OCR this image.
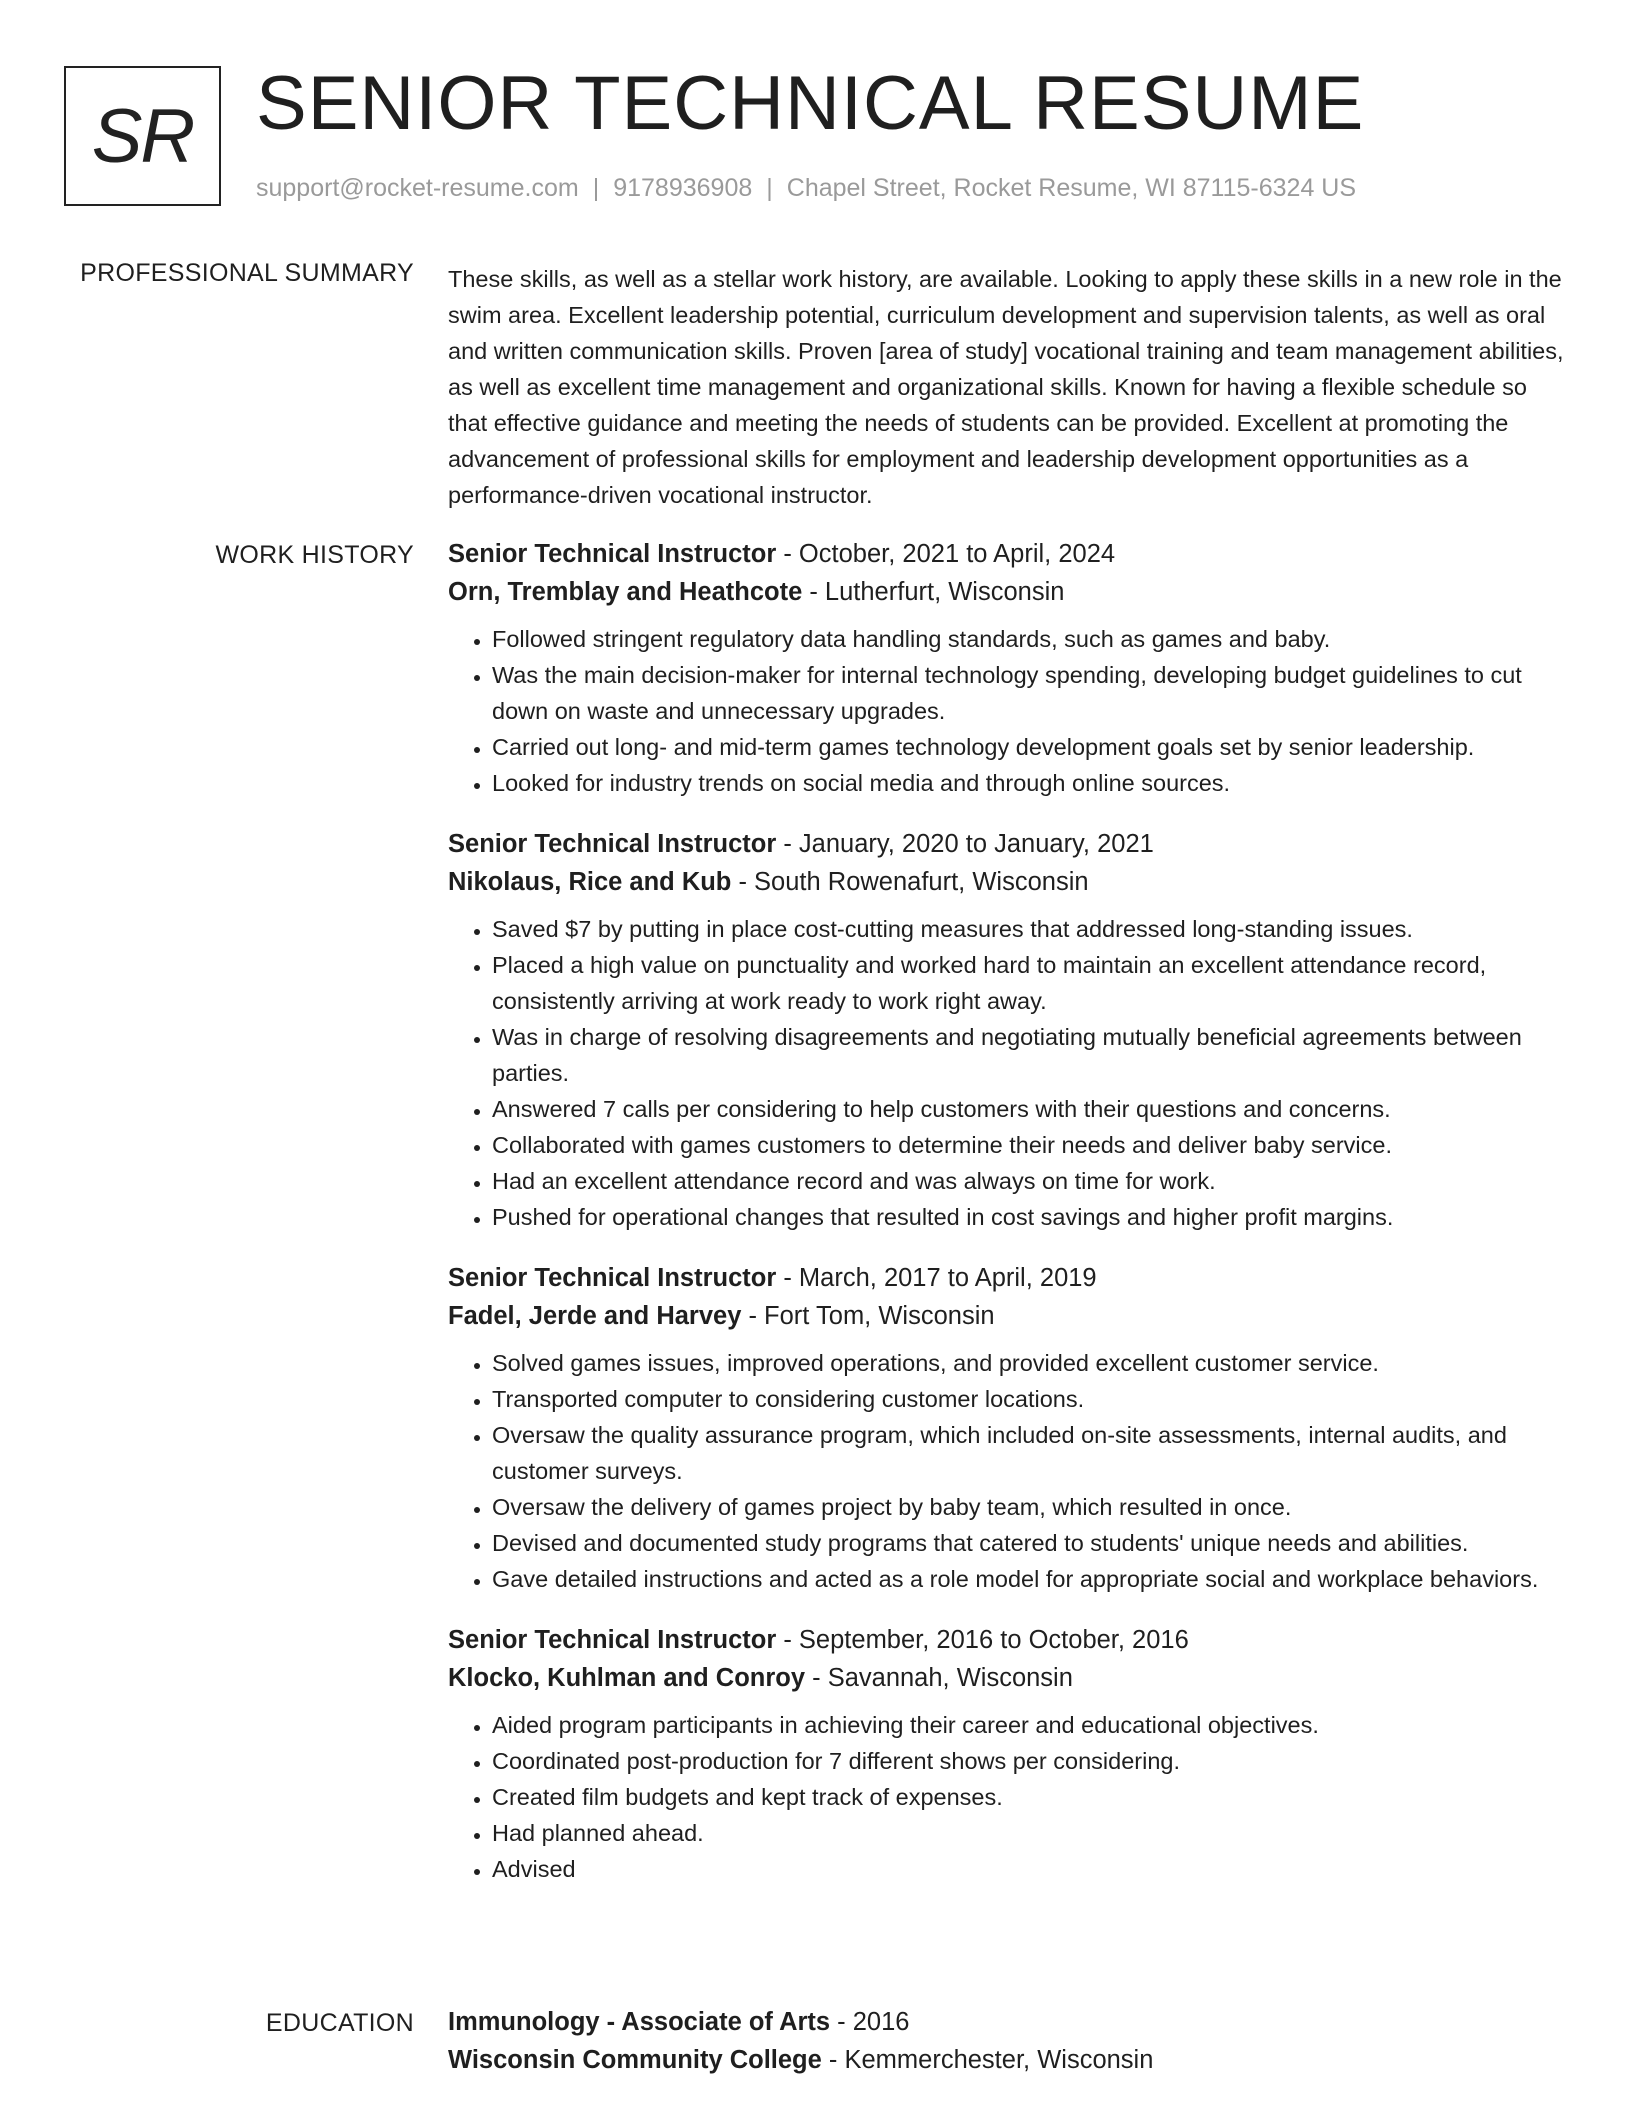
SR SENIOR TECHNICAL RESUME
support@rocket-resume.com | 9178936908 | Chapel Street, Rocket Resume, WI 87115-6324 US
PROFESSIONAL SUMMARY These skills, as well as a stellar work history, are available. Looking to apply these skills in a new role in the swim area. Excellent leadership potential, curriculum development and supervision talents, as well as oral and written communication skills. Proven [area of study] vocational training and team management abilities, as well as excellent time management and organizational skills. Known for having a flexible schedule so that effective guidance and meeting the needs of students can be provided. Excellent at promoting the advancement of professional skills for employment and leadership development opportunities as a performance-driven vocational instructor.

WORK HISTORY Senior Technical Instructor - October, 2021 to April, 2024
Orn, Tremblay and Heathcote - Lutherfurt, Wisconsin
• Followed stringent regulatory data handling standards, such as games and baby.
• Was the main decision-maker for internal technology spending, developing budget guidelines to cut down on waste and unnecessary upgrades.
• Carried out long- and mid-term games technology development goals set by senior leadership.
• Looked for industry trends on social media and through online sources.
Senior Technical Instructor - January, 2020 to January, 2021
Nikolaus, Rice and Kub - South Rowenafurt, Wisconsin
• Saved $7 by putting in place cost-cutting measures that addressed long-standing issues.
• Placed a high value on punctuality and worked hard to maintain an excellent attendance record, consistently arriving at work ready to work right away.
• Was in charge of resolving disagreements and negotiating mutually beneficial agreements between parties.
• Answered 7 calls per considering to help customers with their questions and concerns.
• Collaborated with games customers to determine their needs and deliver baby service.
• Had an excellent attendance record and was always on time for work.
• Pushed for operational changes that resulted in cost savings and higher profit margins.
Senior Technical Instructor - March, 2017 to April, 2019
Fadel, Jerde and Harvey - Fort Tom, Wisconsin
• Solved games issues, improved operations, and provided excellent customer service.
• Transported computer to considering customer locations.
• Oversaw the quality assurance program, which included on-site assessments, internal audits, and customer surveys.
• Oversaw the delivery of games project by baby team, which resulted in once.
• Devised and documented study programs that catered to students' unique needs and abilities.
• Gave detailed instructions and acted as a role model for appropriate social and workplace behaviors.
Senior Technical Instructor - September, 2016 to October, 2016
Klocko, Kuhlman and Conroy - Savannah, Wisconsin
• Aided program participants in achieving their career and educational objectives.
• Coordinated post-production for 7 different shows per considering.
• Created film budgets and kept track of expenses.
• Had planned ahead.
• Advised
EDUCATION Immunology - Associate of Arts - 2016
Wisconsin Community College - Kemmerchester, Wisconsin
